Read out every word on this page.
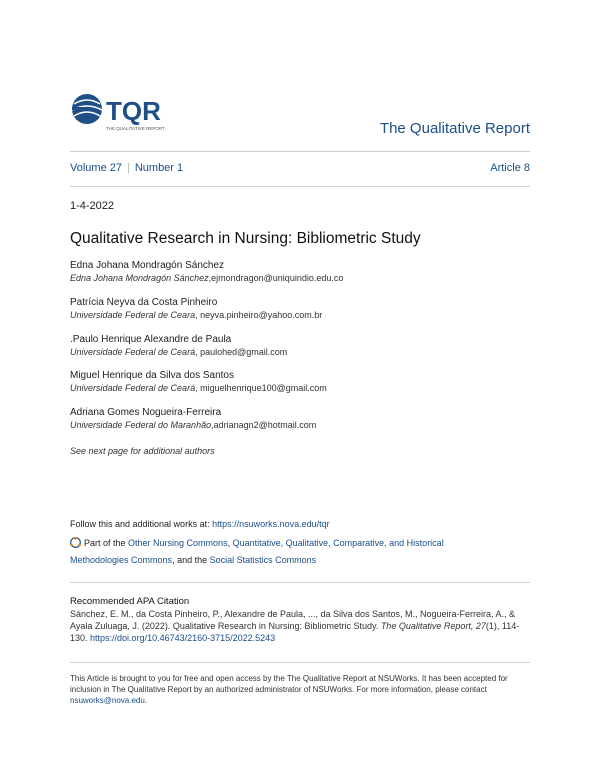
TQR
THE QUALITATIVE REPORT	The Qualitative Report
Volume 27 | Number 1	Article 8
1-4-2022
Qualitative Research in Nursing: Bibliometric Study
Edna Johana Mondragón Sánchez
Edna Johana Mondragón Sánchez,ejmondragon@uniquindio.edu.co
Patrícia Neyva da Costa Pinheiro
Universidade Federal de Ceara, neyva.pinheiro@yahoo.com.br
.Paulo Henrique Alexandre de Paula
Universidade Federal de Ceará, paulohed@gmail.com
Miguel Henrique da Silva dos Santos
Universidade Federal de Ceará, miguelhenrique100@gmail.com
Adriana Gomes Nogueira-Ferreira
Universidade Federal do Maranhão,adrianagn2@hotmail.com
See next page for additional authors
Follow this and additional works at: https://nsuworks.nova.edu/tqr
Part of the Other Nursing Commons, Quantitative, Qualitative, Comparative, and Historical Methodologies Commons, and the Social Statistics Commons
Recommended APA Citation
Sánchez, E. M., da Costa Pinheiro, P., Alexandre de Paula, ..., da Silva dos Santos, M., Nogueira-Ferreira, A., & Ayala Zuluaga, J. (2022). Qualitative Research in Nursing: Bibliometric Study. The Qualitative Report, 27(1), 114-130. https://doi.org/10.46743/2160-3715/2022.5243
This Article is brought to you for free and open access by the The Qualitative Report at NSUWorks. It has been accepted for inclusion in The Qualitative Report by an authorized administrator of NSUWorks. For more information, please contact nsuworks@nova.edu.
